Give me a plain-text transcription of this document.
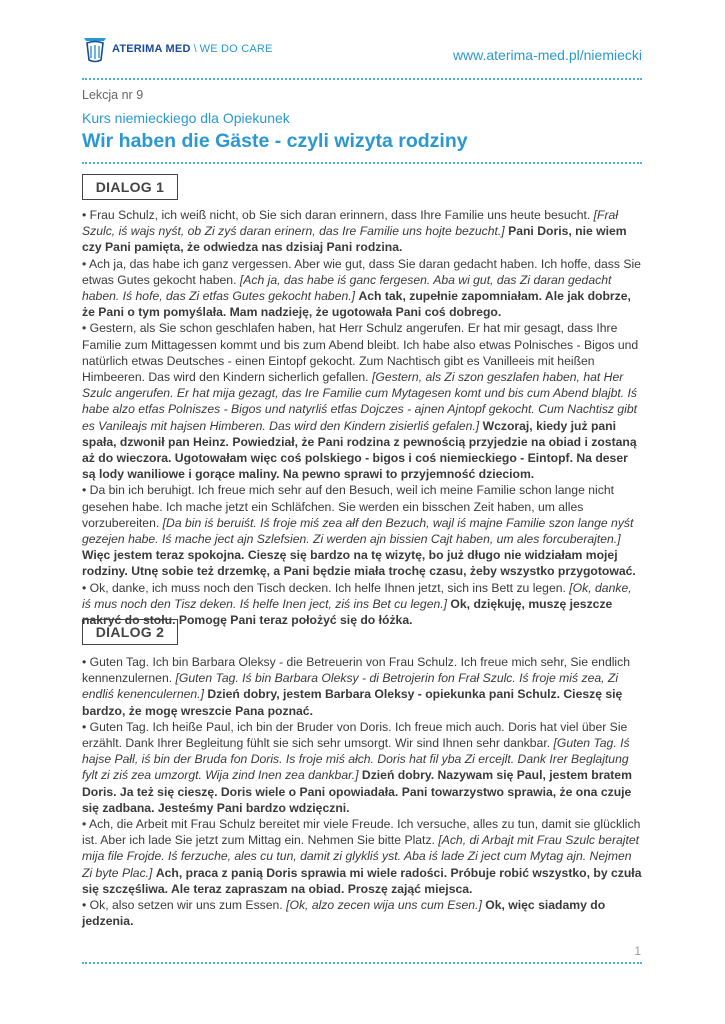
ATERIMA MED \ WE DO CARE	www.aterima-med.pl/niemiecki
Lekcja nr 9
Kurs niemieckiego dla Opiekunek
Wir haben die Gäste - czyli wizyta rodziny
DIALOG 1

• Frau Schulz, ich weiß nicht, ob Sie sich daran erinnern, dass Ihre Familie uns heute besucht. [Frał Szulc, iś wajs nyśt, ob Zi zyś daran erinern, das Ire Familie uns hojte bezucht.] Pani Doris, nie wiem czy Pani pamięta, że odwiedza nas dzisiaj Pani rodzina.

• Ach ja, das habe ich ganz vergessen. Aber wie gut, dass Sie daran gedacht haben. Ich hoffe, dass Sie etwas Gutes gekocht haben. [Ach ja, das habe iś ganc fergesen. Aba wi gut, das Zi daran gedacht haben. Iś hofe, das Zi etfas Gutes gekocht haben.] Ach tak, zupełnie zapomniałam. Ale jak dobrze, że Pani o tym pomyślała. Mam nadzieję, że ugotowała Pani coś dobrego.

• Gestern, als Sie schon geschlafen haben, hat Herr Schulz angerufen. Er hat mir gesagt, dass Ihre Familie zum Mittagessen kommt und bis zum Abend bleibt. Ich habe also etwas Polnisches - Bigos und natürlich etwas Deutsches - einen Eintopf gekocht. Zum Nachtisch gibt es Vanilleeis mit heißen Himbeeren. Das wird den Kindern sicherlich gefallen. [Gestern, als Zi szon geszlafen haben, hat Her Szulc angerufen. Er hat mija gezagt, das Ire Familie cum Mytagesen komt und bis cum Abend blajbt. Iś habe alzo etfas Polniszes - Bigos und natyrliś etfas Dojczes - ajnen Ajntopf gekocht. Cum Nachtisz gibt es Vanileajs mit hajsen Himberen. Das wird den Kindern zisierliś gefalen.] Wczoraj, kiedy już pani spała, dzwonił pan Heinz. Powiedział, że Pani rodzina z pewnością przyjedzie na obiad i zostaną aż do wieczora. Ugotowałam więc coś polskiego - bigos i coś niemieckiego - Eintopf. Na deser są lody waniliowe i gorące maliny. Na pewno sprawi to przyjemność dzieciom.

• Da bin ich beruhigt. Ich freue mich sehr auf den Besuch, weil ich meine Familie schon lange nicht gesehen habe. Ich mache jetzt ein Schläfchen. Sie werden ein bisschen Zeit haben, um alles vorzubereiten. [Da bin iś beruiśt. Iś froje miś zea ałf den Bezuch, wajl iś majne Familie szon lange nyśt gezejen habe. Iś mache ject ajn Szlefsien. Zi werden ajn bissien Cajt haben, um ales forcuberajten.] Więc jestem teraz spokojna. Cieszę się bardzo na tę wizytę, bo już długo nie widziałam mojej rodziny. Utnę sobie też drzemkę, a Pani będzie miała trochę czasu, żeby wszystko przygotować.

• Ok, danke, ich muss noch den Tisch decken. Ich helfe Ihnen jetzt, sich ins Bett zu legen. [Ok, danke, iś mus noch den Tisz deken. Iś helfe Inen ject, ziś ins Bet cu legen.] Ok, dziękuję, muszę jeszcze nakryć do stołu. Pomogę Pani teraz położyć się do łóżka.

DIALOG 2

• Guten Tag. Ich bin Barbara Oleksy - die Betreuerin von Frau Schulz. Ich freue mich sehr, Sie endlich kennenzulernen. [Guten Tag. Iś bin Barbara Oleksy - di Betrojerin fon Frał Szulc. Iś froje miś zea, Zi endliś kenenculernen.] Dzień dobry, jestem Barbara Oleksy - opiekunka pani Schulz. Cieszę się bardzo, że mogę wreszcie Pana poznać.

• Guten Tag. Ich heiße Paul, ich bin der Bruder von Doris. Ich freue mich auch. Doris hat viel über Sie erzählt. Dank Ihrer Begleitung fühlt sie sich sehr umsorgt. Wir sind Ihnen sehr dankbar. [Guten Tag. Iś hajse Pałl, iś bin der Bruda fon Doris. Is froje miś ałch. Doris hat fil yba Zi ercejlt. Dank Irer Beglajtung fylt zi ziś zea umzorgt. Wija zind Inen zea dankbar.] Dzień dobry. Nazywam się Paul, jestem bratem Doris. Ja też się cieszę. Doris wiele o Pani opowiadała. Pani towarzystwo sprawia, że ona czuje się zadbana. Jesteśmy Pani bardzo wdzięczni.

• Ach, die Arbeit mit Frau Schulz bereitet mir viele Freude. Ich versuche, alles zu tun, damit sie glücklich ist. Aber ich lade Sie jetzt zum Mittag ein. Nehmen Sie bitte Platz. [Ach, di Arbajt mit Frau Szulc berajtet mija file Frojde. Iś ferzuche, ales cu tun, damit zi glykliś yst. Aba iś lade Zi ject cum Mytag ajn. Nejmen Zi byte Plac.] Ach, praca z panią Doris sprawia mi wiele radości. Próbuje robić wszystko, by czuła się szczęśliwa. Ale teraz zapraszam na obiad. Proszę zająć miejsca.

• Ok, also setzen wir uns zum Essen. [Ok, alzo zecen wija uns cum Esen.] Ok, więc siadamy do jedzenia.

1
